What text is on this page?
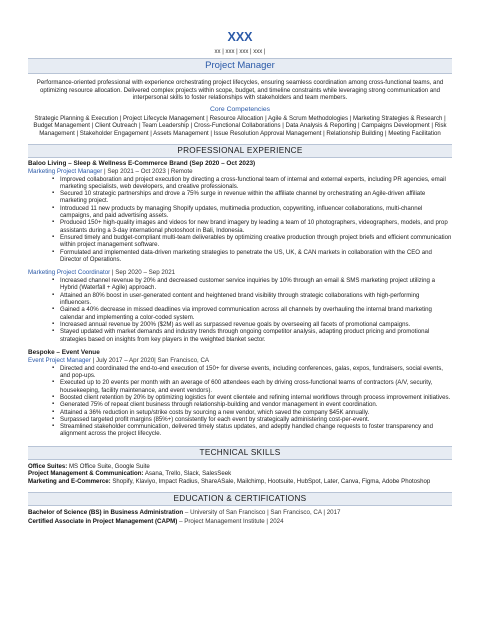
XXX
xx | xxx | xxx | xxx |
Project Manager

Performance-oriented professional with experience orchestrating project lifecycles, ensuring seamless coordination among cross-functional teams, and optimizing resource allocation. Delivered complex projects within scope, budget, and timeline constraints while leveraging strong communication and interpersonal skills to foster relationships with stakeholders and team members.

Core Competencies

Strategic Planning & Execution | Project Lifecycle Management | Resource Allocation | Agile & Scrum Methodologies | Marketing Strategies & Research | Budget Management | Client Outreach | Team Leadership | Cross-Functional Collaborations | Data Analysis & Reporting | Campaigns Development | Risk Management | Stakeholder Engagement | Assets Management | Issue Resolution Approval Management | Relationship Building | Meeting Facilitation

PROFESSIONAL EXPERIENCE
Baloo Living – Sleep & Wellness E-Commerce Brand (Sep 2020 – Oct 2023)
Marketing Project Manager | Sep 2021 – Oct 2023 | Remote
▪ Improved collaboration and project execution by directing a cross-functional team of internal and external experts, including PR agencies, email marketing specialists, web developers, and creative professionals.
▪ Secured 10 strategic partnerships and drove a 75% surge in revenue within the affiliate channel by orchestrating an Agile-driven affiliate marketing project.
▪ Introduced 11 new products by managing Shopify updates, multimedia production, copywriting, influencer collaborations, multi-channel campaigns, and paid advertising assets.
▪ Produced 150+ high-quality images and videos for new brand imagery by leading a team of 10 photographers, videographers, models, and prop assistants during a 3-day international photoshoot in Bali, Indonesia.
▪ Ensured timely and budget-compliant multi-team deliverables by optimizing creative production through project briefs and efficient communication within project management software.
▪ Formulated and implemented data-driven marketing strategies to penetrate the US, UK, & CAN markets in collaboration with the CEO and Director of Operations.
Marketing Project Coordinator | Sep 2020 – Sep 2021
▪ Increased channel revenue by 20% and decreased customer service inquiries by 10% through an email & SMS marketing project utilizing a Hybrid (Waterfall + Agile) approach.
▪ Attained an 80% boost in user-generated content and heightened brand visibility through strategic collaborations with high-performing influencers.
▪ Gained a 40% decrease in missed deadlines via improved communication across all channels by overhauling the internal brand marketing calendar and implementing a color-coded system.
▪ Increased annual revenue by 200% ($2M) as well as surpassed revenue goals by overseeing all facets of promotional campaigns.
▪ Stayed updated with market demands and industry trends through ongoing competitor analysis, adapting product pricing and promotional strategies based on insights from key players in the weighted blanket sector.
Bespoke – Event Venue
Event Project Manager | July 2017 – Apr 2020| San Francisco, CA
▪ Directed and coordinated the end-to-end execution of 150+ for diverse events, including conferences, galas, expos, fundraisers, social events, and pop-ups.
▪ Executed up to 20 events per month with an average of 600 attendees each by driving cross-functional teams of contractors (A/V, security, housekeeping, facility maintenance, and event vendors).
▪ Boosted client retention by 20% by optimizing logistics for event clientele and refining internal workflows through process improvement initiatives.
▪ Generated 75% of repeat client business through relationship-building and vendor management in event coordination.
▪ Attained a 36% reduction in setup/strike costs by sourcing a new vendor, which saved the company $45K annually.
▪ Surpassed targeted profit margins (85%+) consistently for each event by strategically administering cost-per-event.
▪ Streamlined stakeholder communication, delivered timely status updates, and adeptly handled change requests to foster transparency and alignment across the project lifecycle.
TECHNICAL SKILLS
Office Suites: MS Office Suite, Google Suite
Project Management & Communication: Asana, Trello, Slack, SalesSeek
Marketing and E-Commerce: Shopify, Klaviyo, Impact Radius, ShareASale, Mailchimp, Hootsuite, HubSpot, Later, Canva, Figma, Adobe Photoshop
EDUCATION & CERTIFICATIONS
Bachelor of Science (BS) in Business Administration – University of San Francisco | San Francisco, CA | 2017
Certified Associate in Project Management (CAPM) – Project Management Institute | 2024
